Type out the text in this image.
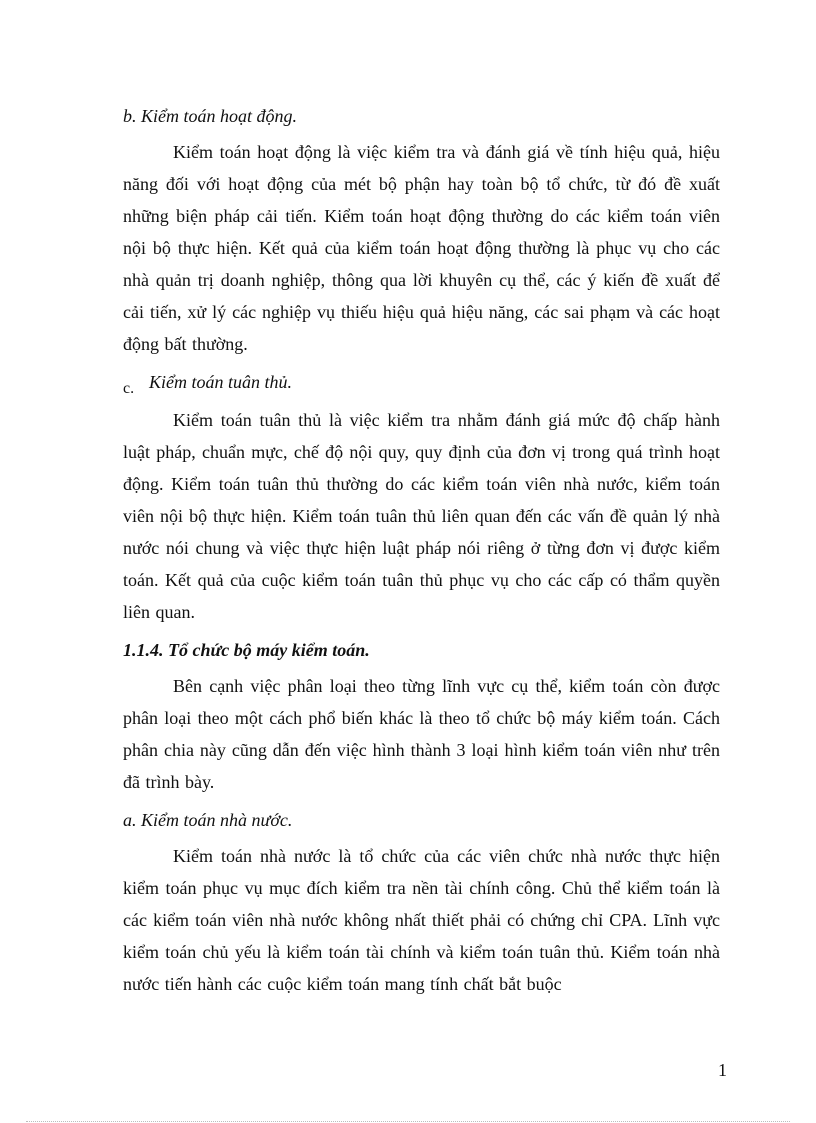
b. Kiểm toán hoạt động.

Kiểm toán hoạt động là việc kiểm tra và đánh giá về tính hiệu quả, hiệu năng đối với hoạt động của mét bộ phận hay toàn bộ tổ chức, từ đó đề xuất những biện pháp cải tiến. Kiểm toán hoạt động thường do các kiểm toán viên nội bộ thực hiện. Kết quả của kiểm toán hoạt động thường là phục vụ cho các nhà quản trị doanh nghiệp, thông qua lời khuyên cụ thể, các ý kiến đề xuất để cải tiến, xử lý các nghiệp vụ thiếu hiệu quả hiệu năng, các sai phạm và các hoạt động bất thường.

c. Kiểm toán tuân thủ.

Kiểm toán tuân thủ là việc kiểm tra nhằm đánh giá mức độ chấp hành luật pháp, chuẩn mực, chế độ nội quy, quy định của đơn vị trong quá trình hoạt động. Kiểm toán tuân thủ thường do các kiểm toán viên nhà nước, kiểm toán viên nội bộ thực hiện. Kiểm toán tuân thủ liên quan đến các vấn đề quản lý nhà nước nói chung và việc thực hiện luật pháp nói riêng ở từng đơn vị được kiểm toán. Kết quả của cuộc kiểm toán tuân thủ phục vụ cho các cấp có thẩm quyền liên quan.

1.1.4. Tổ chức bộ máy kiểm toán.

Bên cạnh việc phân loại theo từng lĩnh vực cụ thể, kiểm toán còn được phân loại theo một cách phổ biến khác là theo tổ chức bộ máy kiểm toán. Cách phân chia này cũng dẫn đến việc hình thành 3 loại hình kiểm toán viên như trên đã trình bày.

a. Kiểm toán nhà nước.

Kiểm toán nhà nước là tổ chức của các viên chức nhà nước thực hiện kiểm toán phục vụ mục đích kiểm tra nền tài chính công. Chủ thể kiểm toán là các kiểm toán viên nhà nước không nhất thiết phải có chứng chỉ CPA. Lĩnh vực kiểm toán chủ yếu là kiểm toán tài chính và kiểm toán tuân thủ. Kiểm toán nhà nước tiến hành các cuộc kiểm toán mang tính chất bắt buộc

1
